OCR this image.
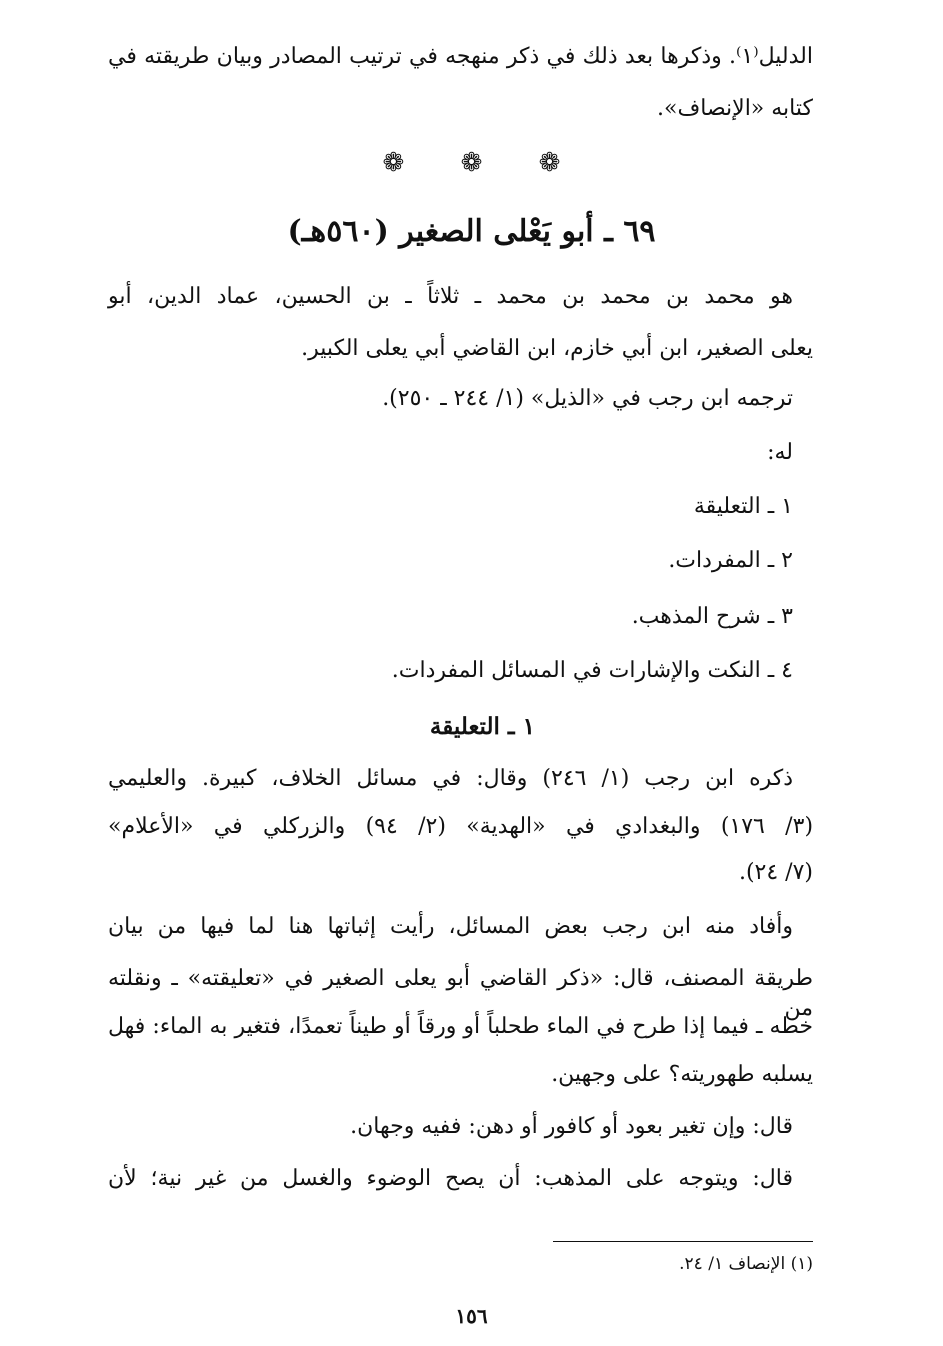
الدليل⁽١⁾. وذكرها بعد ذلك في ذكر منهجه في ترتيب المصادر وبيان طريقته في
كتابه «الإنصاف».
❁ ❁ ❁
٦٩ ـ أبو يَعْلى الصغير (٥٦٠هـ)
هو محمد بن محمد بن محمد ـ ثلاثاً ـ بن الحسين، عماد الدين، أبو
يعلى الصغير، ابن أبي خازم، ابن القاضي أبي يعلى الكبير.
ترجمه ابن رجب في «الذيل» (١/ ٢٤٤ ـ ٢٥٠).
له:
١ ـ التعليقة
٢ ـ المفردات.
٣ ـ شرح المذهب.
٤ ـ النكت والإشارات في المسائل المفردات.
١ ـ التعليقة
ذكره ابن رجب (١/ ٢٤٦) وقال: في مسائل الخلاف، كبيرة. والعليمي
(٣/ ١٧٦) والبغدادي في «الهدية» (٢/ ٩٤) والزركلي في «الأعلام»
(٧/ ٢٤).
وأفاد منه ابن رجب بعض المسائل، رأيت إثباتها هنا لما فيها من بيان
طريقة المصنف، قال: «ذكر القاضي أبو يعلى الصغير في «تعليقته» ـ ونقلته من
خطه ـ فيما إذا طرح في الماء طحلباً أو ورقاً أو طيناً تعمدًا، فتغير به الماء: فهل
يسلبه طهوريته؟ على وجهين.
قال: وإن تغير بعود أو كافور أو دهن: ففيه وجهان.
قال: ويتوجه على المذهب: أن يصح الوضوء والغسل من غير نية؛ لأن
(١) الإنصاف ١/ ٢٤.
١٥٦
